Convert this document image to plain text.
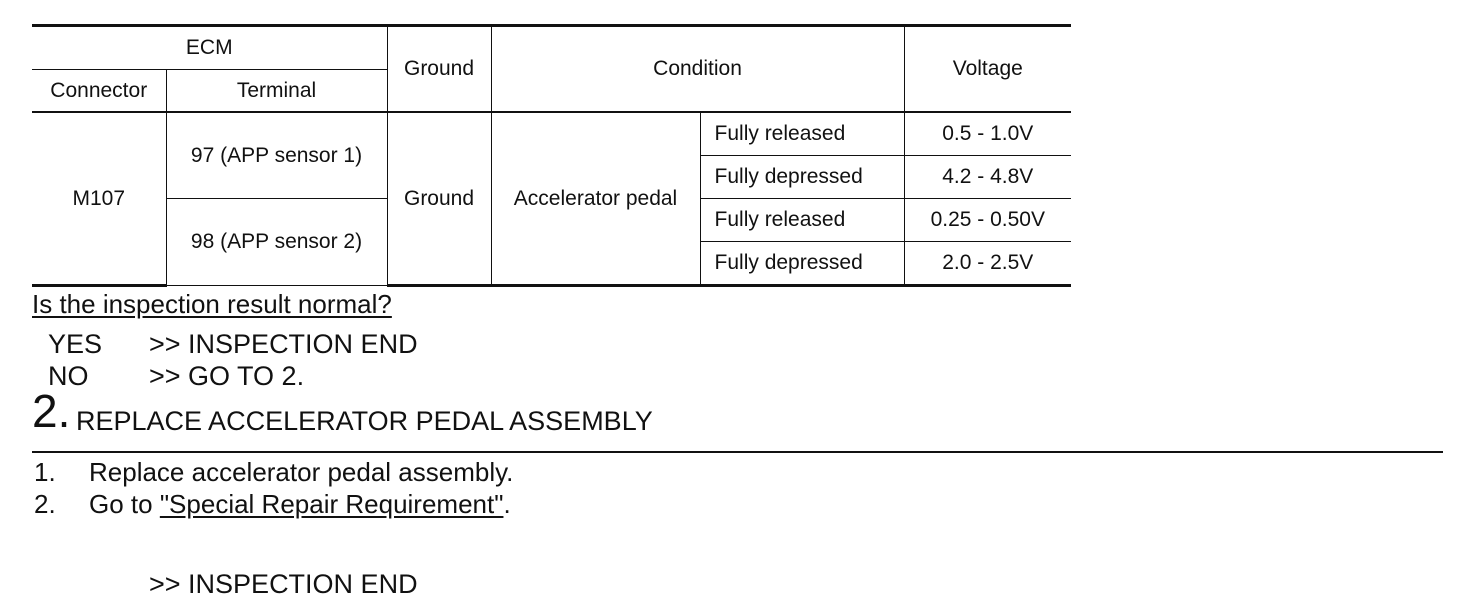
ECM		Ground	Condition		Voltage
Connector	Terminal				
M107	97 (APP sensor 1)	Ground	Accelerator pedal	Fully released	0.5 - 1.0V
				Fully depressed	4.2 - 4.8V
	98 (APP sensor 2)			Fully released	0.25 - 0.50V
				Fully depressed	2.0 - 2.5V
Is the inspection result normal?
YES >> INSPECTION END
NO >> GO TO 2.
2. REPLACE ACCELERATOR PEDAL ASSEMBLY
1. Replace accelerator pedal assembly.
2. Go to "Special Repair Requirement".
>> INSPECTION END
